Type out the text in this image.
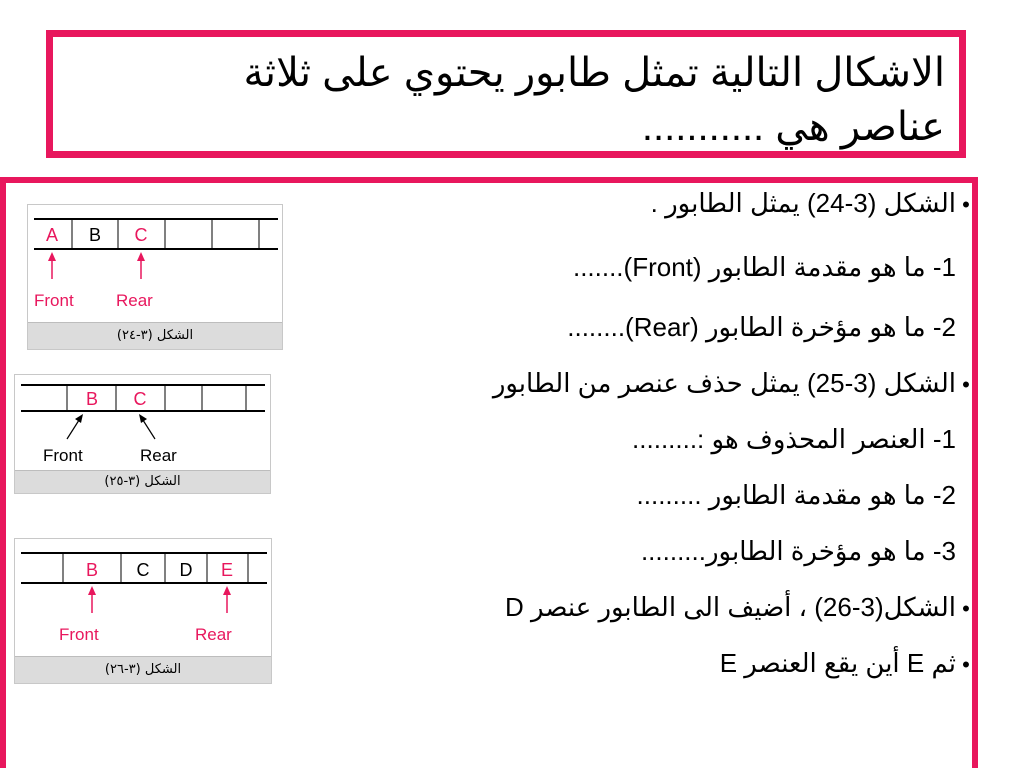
الاشكال التالية تمثل طابور يحتوي على ثلاثة
عناصر هي ...........
•الشكل (3-24) يمثل الطابور .
1- ما هو مقدمة الطابور (Front).......
2- ما هو مؤخرة الطابور (Rear)........
•الشكل (3-25) يمثل حذف عنصر من الطابور
1- العنصر المحذوف هو :.........
2- ما هو مقدمة الطابور .........
3- ما هو مؤخرة الطابور.........
•الشكل(3-26) ، أضيف الى الطابور عنصر D
•ثم E أين يقع العنصر E
A B C
Front Rear
الشكل (٣-٢٤)
B C
Front	Rear
الشكل (٣-٢٥)
B C D E
Front	Rear
الشكل (٣-٢٦)
